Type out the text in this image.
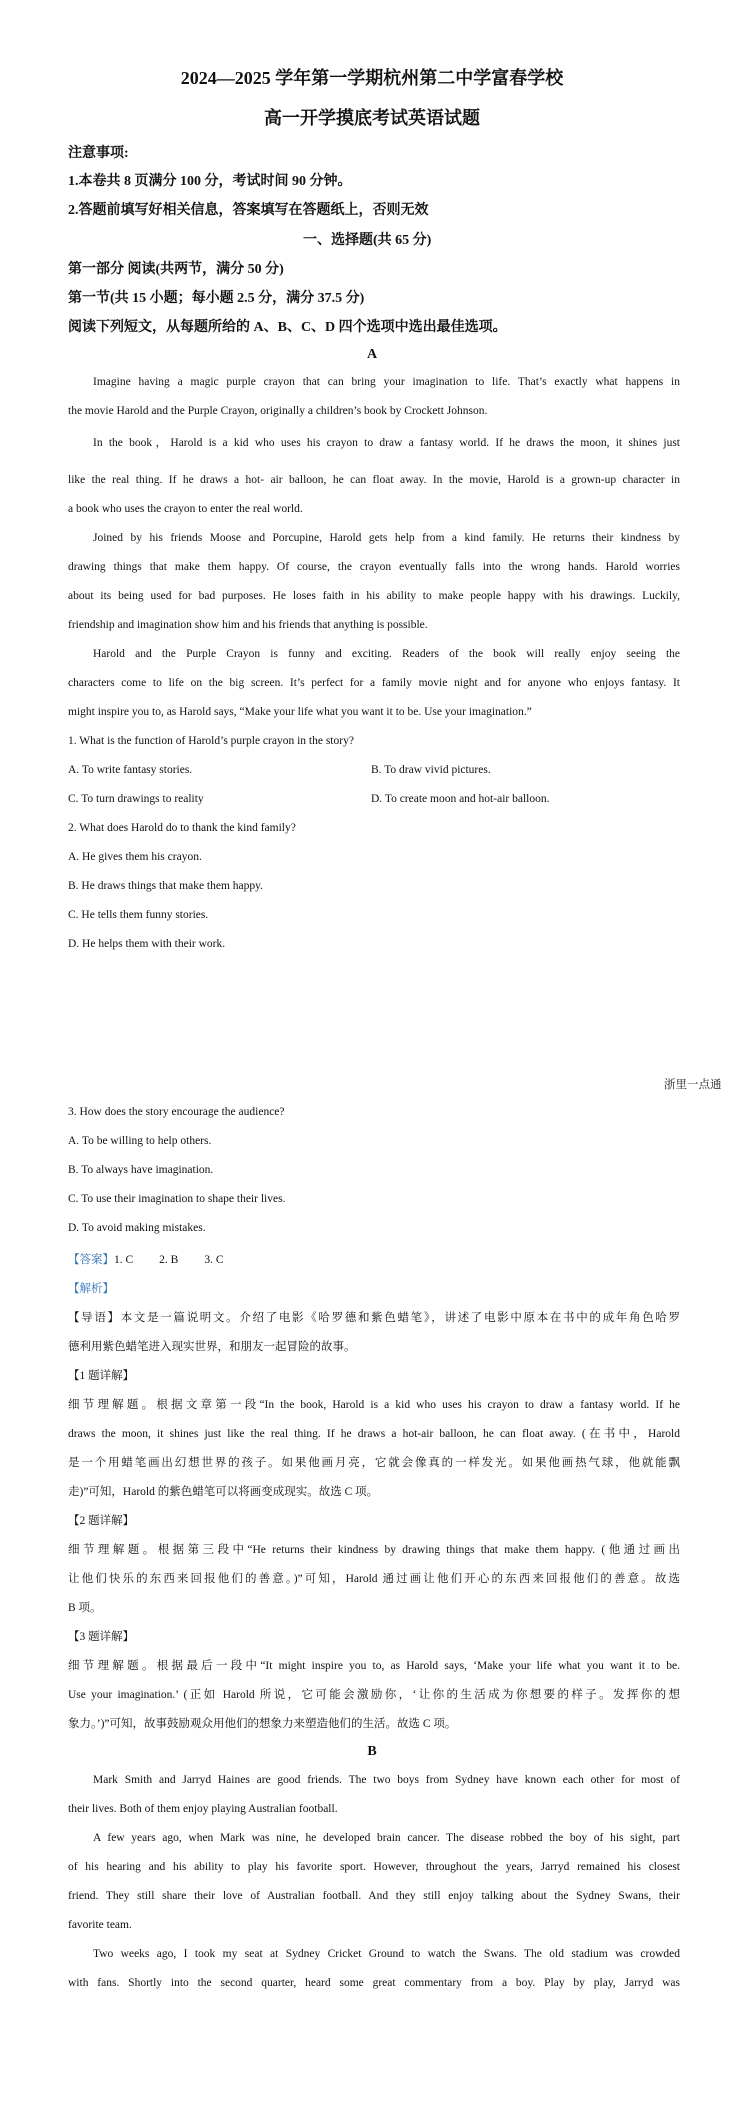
2024—2025 学年第一学期杭州第二中学富春学校
高一开学摸底考试英语试题
注意事项:
1.本卷共 8 页满分 100 分，考试时间 90 分钟。
2.答题前填写好相关信息，答案填写在答题纸上，否则无效
一、选择题(共 65 分)
第一部分 阅读(共两节，满分 50 分)
第一节(共 15 小题；每小题 2.5 分，满分 37.5 分)
阅读下列短文，从每题所给的 A、B、C、D 四个选项中选出最佳选项。
A
Imagine having a magic purple crayon that can bring your imagination to life. That’s exactly what happens in
the movie Harold and the Purple Crayon, originally a children’s book by Crockett Johnson.
In the book，Harold is a kid who uses his crayon to draw a fantasy world. If he draws the moon, it shines just
like the real thing. If he draws a hot- air balloon, he can float away. In the movie, Harold is a grown-up character in
a book who uses the crayon to enter the real world.
Joined by his friends Moose and Porcupine, Harold gets help from a kind family. He returns their kindness by
drawing things that make them happy. Of course, the crayon eventually falls into the wrong hands. Harold worries
about its being used for bad purposes. He loses faith in his ability to make people happy with his drawings. Luckily,
friendship and imagination show him and his friends that anything is possible.
Harold and the Purple Crayon is funny and exciting. Readers of the book will really enjoy seeing the
characters come to life on the big screen. It’s perfect for a family movie night and for anyone who enjoys fantasy. It
might inspire you to, as Harold says, “Make your life what you want it to be. Use your imagination.”
1. What is the function of Harold’s purple crayon in the story?
A. To write fantasy stories.	B. To draw vivid pictures.
C. To turn drawings to reality	D. To create moon and hot-air balloon.
2. What does Harold do to thank the kind family?
A. He gives them his crayon.
B. He draws things that make them happy.
C. He tells them funny stories.
D. He helps them with their work.
浙里一点通
3. How does the story encourage the audience?
A. To be willing to help others.
B. To always have imagination.
C. To use their imagination to shape their lives.
D. To avoid making mistakes.
【答案】1. C 2. B 3. C
【解析】
【导语】本文是一篇说明文。介绍了电影《哈罗德和紫色蜡笔》，讲述了电影中原本在书中的成年角色哈罗
德利用紫色蜡笔进入现实世界，和朋友一起冒险的故事。
【1 题详解】
细节理解题。根据文章第一段“In the book, Harold is a kid who uses his crayon to draw a fantasy world. If he
draws the moon, it shines just like the real thing. If he draws a hot-air balloon, he can float away. (在书中，Harold
是一个用蜡笔画出幻想世界的孩子。如果他画月亮，它就会像真的一样发光。如果他画热气球，他就能飘
走)”可知，Harold 的紫色蜡笔可以将画变成现实。故选 C 项。
【2 题详解】
细节理解题。根据第三段中“He returns their kindness by drawing things that make them happy. (他通过画出
让他们快乐的东西来回报他们的善意。)”可知，Harold 通过画让他们开心的东西来回报他们的善意。故选
B 项。
【3 题详解】
细节理解题。根据最后一段中“It might inspire you to, as Harold says, ‘Make your life what you want it to be.
Use your imagination.’ (正如 Harold 所说，它可能会激励你，‘让你的生活成为你想要的样子。发挥你的想
象力。’)”可知，故事鼓励观众用他们的想象力来塑造他们的生活。故选 C 项。
B
Mark Smith and Jarryd Haines are good friends. The two boys from Sydney have known each other for most of
their lives. Both of them enjoy playing Australian football.
A few years ago, when Mark was nine, he developed brain cancer. The disease robbed the boy of his sight, part
of his hearing and his ability to play his favorite sport. However, throughout the years, Jarryd remained his closest
friend. They still share their love of Australian football. And they still enjoy talking about the Sydney Swans, their
favorite team.
Two weeks ago, I took my seat at Sydney Cricket Ground to watch the Swans. The old stadium was crowded
with fans. Shortly into the second quarter, heard some great commentary from a boy. Play by play, Jarryd was
